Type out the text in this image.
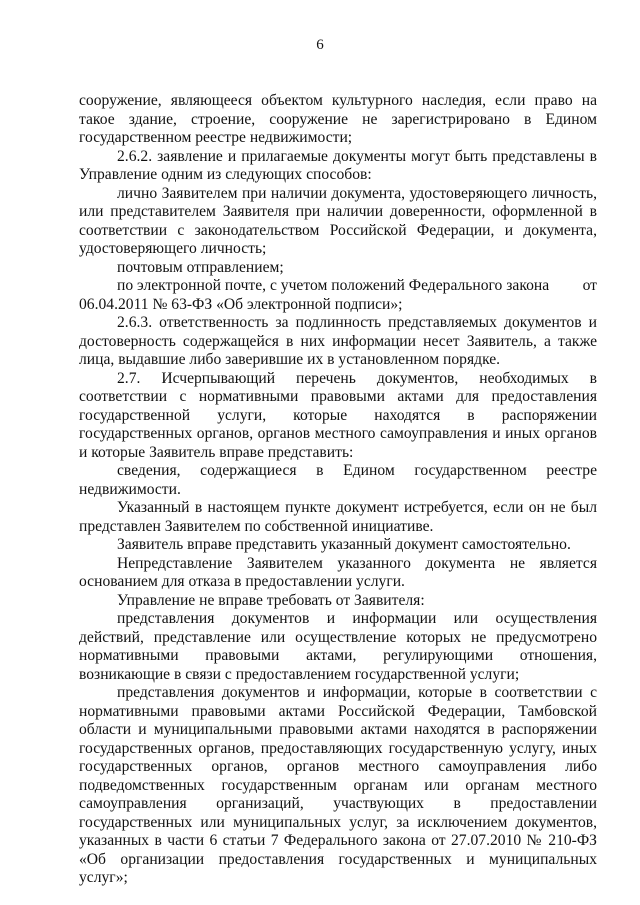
6

сооружение, являющееся объектом культурного наследия, если право на такое здание, строение, сооружение не зарегистрировано в Едином государственном реестре недвижимости;

2.6.2. заявление и прилагаемые документы могут быть представлены в Управление одним из следующих способов:

лично Заявителем при наличии документа, удостоверяющего личность, или представителем Заявителя при наличии доверенности, оформленной в соответствии с законодательством Российской Федерации, и документа, удостоверяющего личность;

почтовым отправлением;

по электронной почте, с учетом положений Федерального закона от

06.04.2011 № 63-ФЗ «Об электронной подписи»;

2.6.3. ответственность за подлинность представляемых документов и достоверность содержащейся в них информации несет Заявитель, а также лица, выдавшие либо заверившие их в установленном порядке.

2.7. Исчерпывающий перечень документов, необходимых в соответствии с нормативными правовыми актами для предоставления государственной услуги, которые находятся в распоряжении государственных органов, органов местного самоуправления и иных органов и которые Заявитель вправе представить:

сведения, содержащиеся в Едином государственном реестре недвижимости.

Указанный в настоящем пункте документ истребуется, если он не был представлен Заявителем по собственной инициативе.

Заявитель вправе представить указанный документ самостоятельно.

Непредставление Заявителем указанного документа не является основанием для отказа в предоставлении услуги.

Управление не вправе требовать от Заявителя:

представления документов и информации или осуществления действий, представление или осуществление которых не предусмотрено нормативными правовыми актами, регулирующими отношения, возникающие в связи с предоставлением государственной услуги;

представления документов и информации, которые в соответствии с нормативными правовыми актами Российской Федерации, Тамбовской области и муниципальными правовыми актами находятся в распоряжении государственных органов, предоставляющих государственную услугу, иных государственных органов, органов местного самоуправления либо подведомственных государственным органам или органам местного самоуправления организаций, участвующих в предоставлении государственных или муниципальных услуг, за исключением документов, указанных в части 6 статьи 7 Федерального закона от 27.07.2010 № 210-ФЗ «Об организации предоставления государственных и муниципальных услуг»;
